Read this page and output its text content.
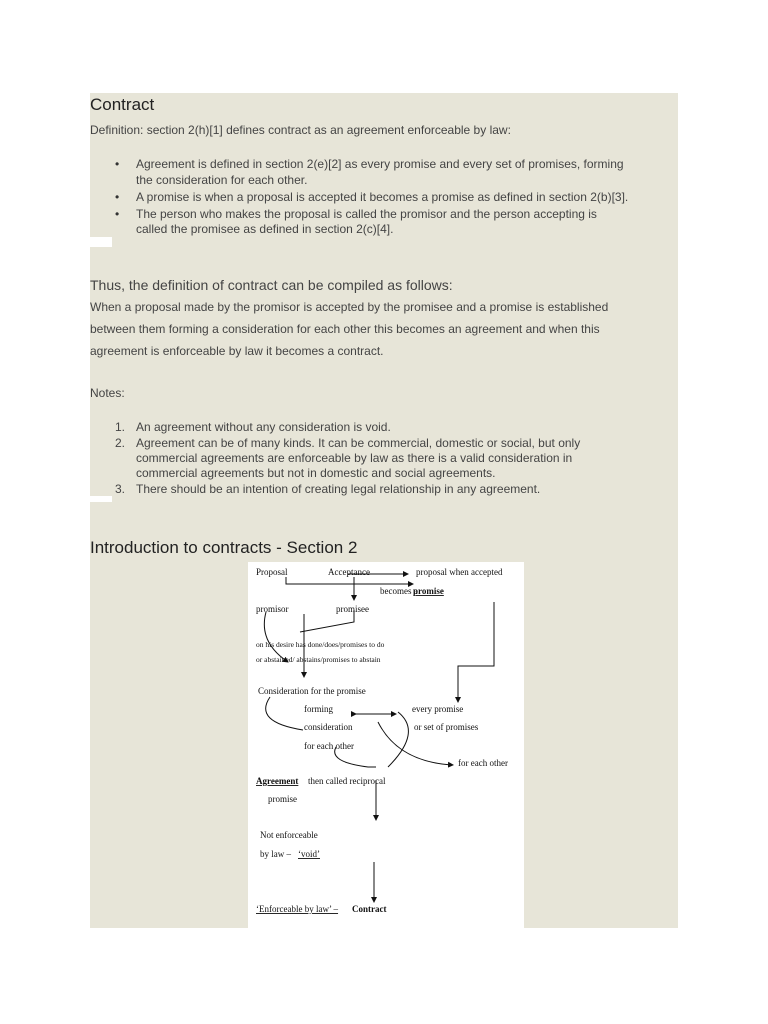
Contract
Definition: section 2(h)[1] defines contract as an agreement enforceable by law:
• Agreement is defined in section 2(e)[2] as every promise and every set of promises, forming
the consideration for each other.
• A promise is when a proposal is accepted it becomes a promise as defined in section 2(b)[3].
• The person who makes the proposal is called the promisor and the person accepting is
called the promisee as defined in section 2(c)[4].
Thus, the definition of contract can be compiled as follows:
When a proposal made by the promisor is accepted by the promisee and a promise is established
between them forming a consideration for each other this becomes an agreement and when this
agreement is enforceable by law it becomes a contract.
Notes:
1. An agreement without any consideration is void.
2. Agreement can be of many kinds. It can be commercial, domestic or social, but only
commercial agreements are enforceable by law as there is a valid consideration in
commercial agreements but not in domestic and social agreements.
3. There should be an intention of creating legal relationship in any agreement.
Introduction to contracts - Section 2
Proposal	Acceptance	proposal when accepted
becomes a
promise
promisor	promisee
on his desire has done/does/promises to do
or abstained/ abstains/promises to abstain
Consideration for the promise
forming
consideration
for each other
every promise
or set of promises
for each other
Agreement then called reciprocal
promise
Not enforceable
by law – ‘void’
‘Enforceable by law’ – Contract
